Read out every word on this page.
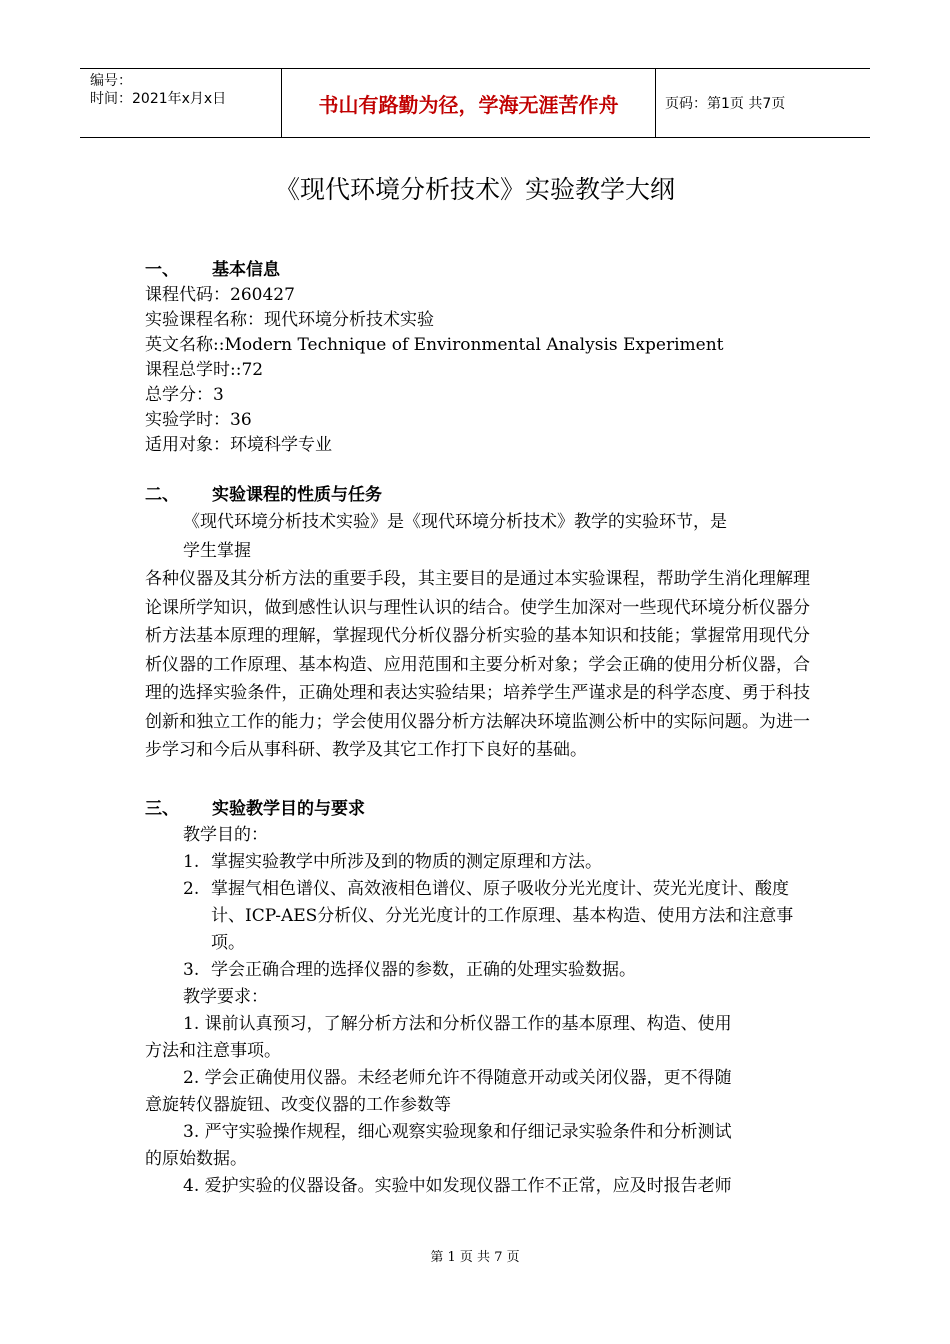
编号：
时间：2021年x月x日	书山有路勤为径，学海无涯苦作舟	页码：第1页 共7页
《现代环境分析技术》实验教学大纲
一、 基本信息
课程代码：260427
实验课程名称：现代环境分析技术实验
英文名称::Modern Technique of Environmental Analysis Experiment
课程总学时::72
总学分：3
实验学时：36
适用对象：环境科学专业
二、 实验课程的性质与任务
《现代环境分析技术实验》是《现代环境分析技术》教学的实验环节，是
学生掌握
各种仪器及其分析方法的重要手段，其主要目的是通过本实验课程，帮助学生消化理解理论课所学知识，做到感性认识与理性认识的结合。使学生加深对一些现代环境分析仪器分析方法基本原理的理解，掌握现代分析仪器分析实验的基本知识和技能；掌握常用现代分析仪器的工作原理、基本构造、应用范围和主要分析对象；学会正确的使用分析仪器，合理的选择实验条件，正确处理和表达实验结果；培养学生严谨求是的科学态度、勇于科技创新和独立工作的能力；学会使用仪器分析方法解决环境监测公析中的实际问题。为进一步学习和今后从事科研、教学及其它工作打下良好的基础。
三、 实验教学目的与要求
教学目的：
1. 掌握实验教学中所涉及到的物质的测定原理和方法。
2. 掌握气相色谱仪、高效液相色谱仪、原子吸收分光光度计、荧光光度计、酸度计、ICP-AES分析仪、分光光度计的工作原理、基本构造、使用方法和注意事项。
3. 学会正确合理的选择仪器的参数，正确的处理实验数据。
教学要求：
1. 课前认真预习，了解分析方法和分析仪器工作的基本原理、构造、使用
方法和注意事项。
2. 学会正确使用仪器。未经老师允许不得随意开动或关闭仪器，更不得随
意旋转仪器旋钮、改变仪器的工作参数等
3. 严守实验操作规程，细心观察实验现象和仔细记录实验条件和分析测试
的原始数据。
4. 爱护实验的仪器设备。实验中如发现仪器工作不正常，应及时报告老师
第 1 页 共 7 页
